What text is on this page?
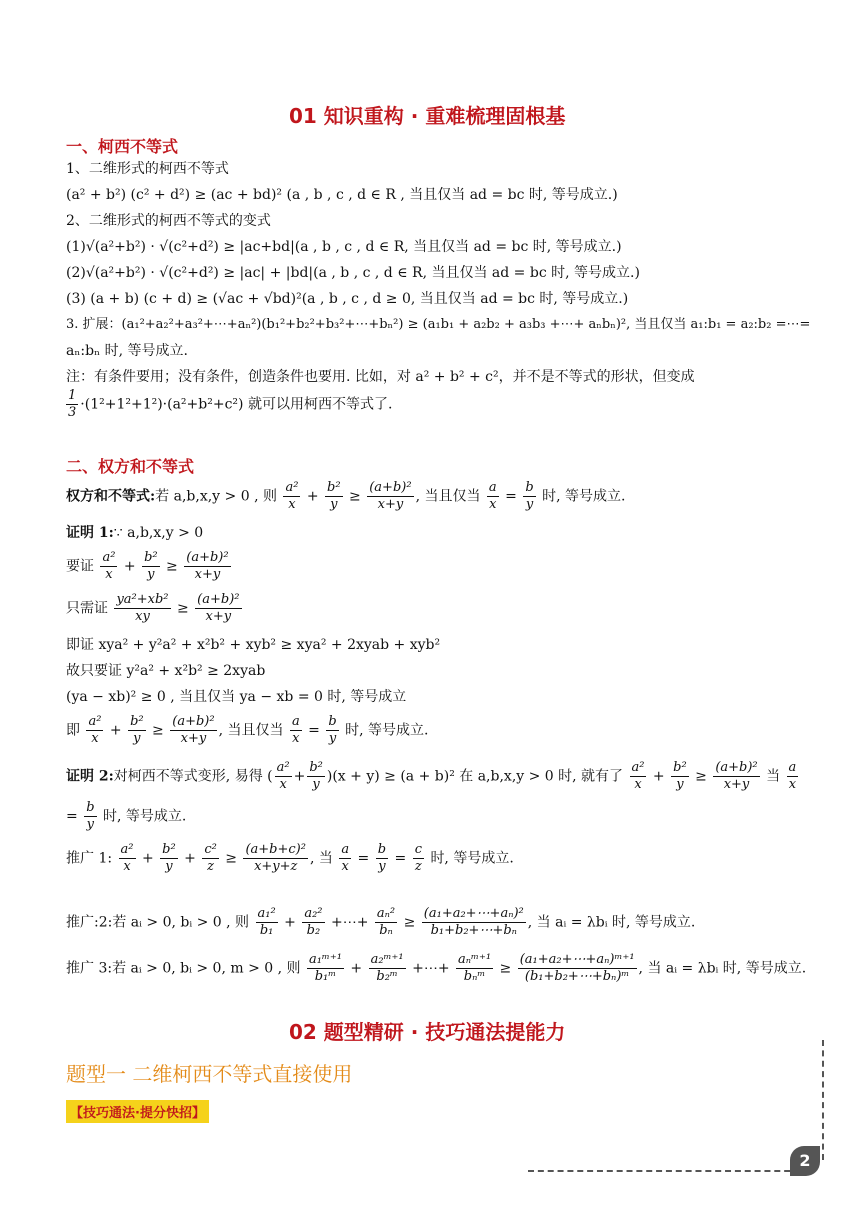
01 知识重构 · 重难梳理固根基
一、柯西不等式
1、二维形式的柯西不等式
(a² + b²) (c² + d²) ≥ (ac + bd)² (a , b , c , d ∈ R , 当且仅当 ad = bc 时, 等号成立.)
2、二维形式的柯西不等式的变式
(1)√(a²+b²) · √(c²+d²) ≥ |ac+bd|(a , b , c , d ∈ R, 当且仅当 ad = bc 时, 等号成立.)
(2)√(a²+b²) · √(c²+d²) ≥ |ac| + |bd|(a , b , c , d ∈ R, 当且仅当 ad = bc 时, 等号成立.)
(3) (a + b) (c + d) ≥ (√ac + √bd)²(a , b , c , d ≥ 0, 当且仅当 ad = bc 时, 等号成立.)
3. 扩展：(a₁²+a₂²+a₃²+⋯+aₙ²)(b₁²+b₂²+b₃²+⋯+bₙ²) ≥ (a₁b₁ + a₂b₂ + a₃b₃ +⋯+ aₙbₙ)², 当且仅当 a₁:b₁ = a₂:b₂ =⋯=
aₙ:bₙ 时, 等号成立.
注：有条件要用；没有条件，创造条件也要用. 比如，对 a² + b² + c²，并不是不等式的形状，但变成
$\frac{1}{3} \cdot(1^2+1^2+1^2)\cdot(a^2+b^2+c^2)$ 就可以用柯西不等式了.
二、权方和不等式
权方和不等式:若 a,b,x,y > 0 , 则 $\frac{\text{a²}}{x} + \frac{\text{b²}}{y} \ge \frac{\text{(a+b)²}}{x+y}$ , 当且仅当 $\frac{a}{x} = \frac{b}{y}$ 时, 等号成立.
证明 1:∵ a,b,x,y > 0
要证 $\frac{\text{a²}}{x} + \frac{\text{b²}}{y} \ge \frac{\text{(a+b)²}}{x+y}$
只需证 $\frac{\text{ya²+xb²}}{xy} \ge \frac{\text{(a+b)²}}{x+y}$
即证 xya² + y²a² + x²b² + xyb² ≥ xya² + 2xyab + xyb²
故只要证 y²a² + x²b² ≥ 2xyab
(ya − xb)² ≥ 0 , 当且仅当 ya − xb = 0 时, 等号成立
即 $\frac{\text{a²}}{x} + \frac{\text{b²}}{y} \ge \frac{\text{(a+b)²}}{x+y}$ , 当且仅当 $\frac{a}{x} = \frac{b}{y}$ 时, 等号成立.
证明 2:对柯西不等式变形, 易得 ( $\frac{\text{a²}}{x} + \frac{\text{b²}}{y} )(x + y) \ge (a + b)^2$ 在 a,b,x,y > 0 时, 就有了 $\frac{\text{a²}}{x} + \frac{\text{b²}}{y} \ge \frac{\text{(a+b)²}}{x+y}$ 当 $\frac{a}{x}$
= $\frac{b}{y}$ 时, 等号成立.
推广 1: $\frac{\text{a²}}{x} + \frac{\text{b²}}{y} + \frac{\text{c²}}{z} \ge \frac{\text{(a+b+c)²}}{x+y+z}$ , 当 $\frac{a}{x} = \frac{b}{y} = \frac{c}{z}$ 时, 等号成立.
推广:2:若 aᵢ > 0, bᵢ > 0 , 则 $\frac{\text{a₁²}}{\text{b₁}} + \frac{\text{a₂²}}{\text{b₂}}$ +⋯+ $\frac{\text{aₙ²}}{\text{bₙ}} \ge \frac{\text{(a₁+a₂+⋯+aₙ)²}}{\text{b₁+b₂+⋯+bₙ}}$ , 当 aᵢ = λbᵢ 时, 等号成立.
推广 3:若 aᵢ > 0, bᵢ > 0, m > 0 , 则 $\frac{\text{a₁ᵐ⁺¹}}{\text{b₁ᵐ}} + \frac{\text{a₂ᵐ⁺¹}}{\text{b₂ᵐ}}$ +⋯+ $\frac{\text{aₙᵐ⁺¹}}{\text{bₙᵐ}} \ge \frac{\text{(a₁+a₂+⋯+aₙ)ᵐ⁺¹}}{\text{(b₁+b₂+⋯+bₙ)ᵐ}}$ , 当 aᵢ = λbᵢ 时, 等号成立.
02 题型精研 · 技巧通法提能力
题型一 二维柯西不等式直接使用
【技巧通法·提分快招】
2
